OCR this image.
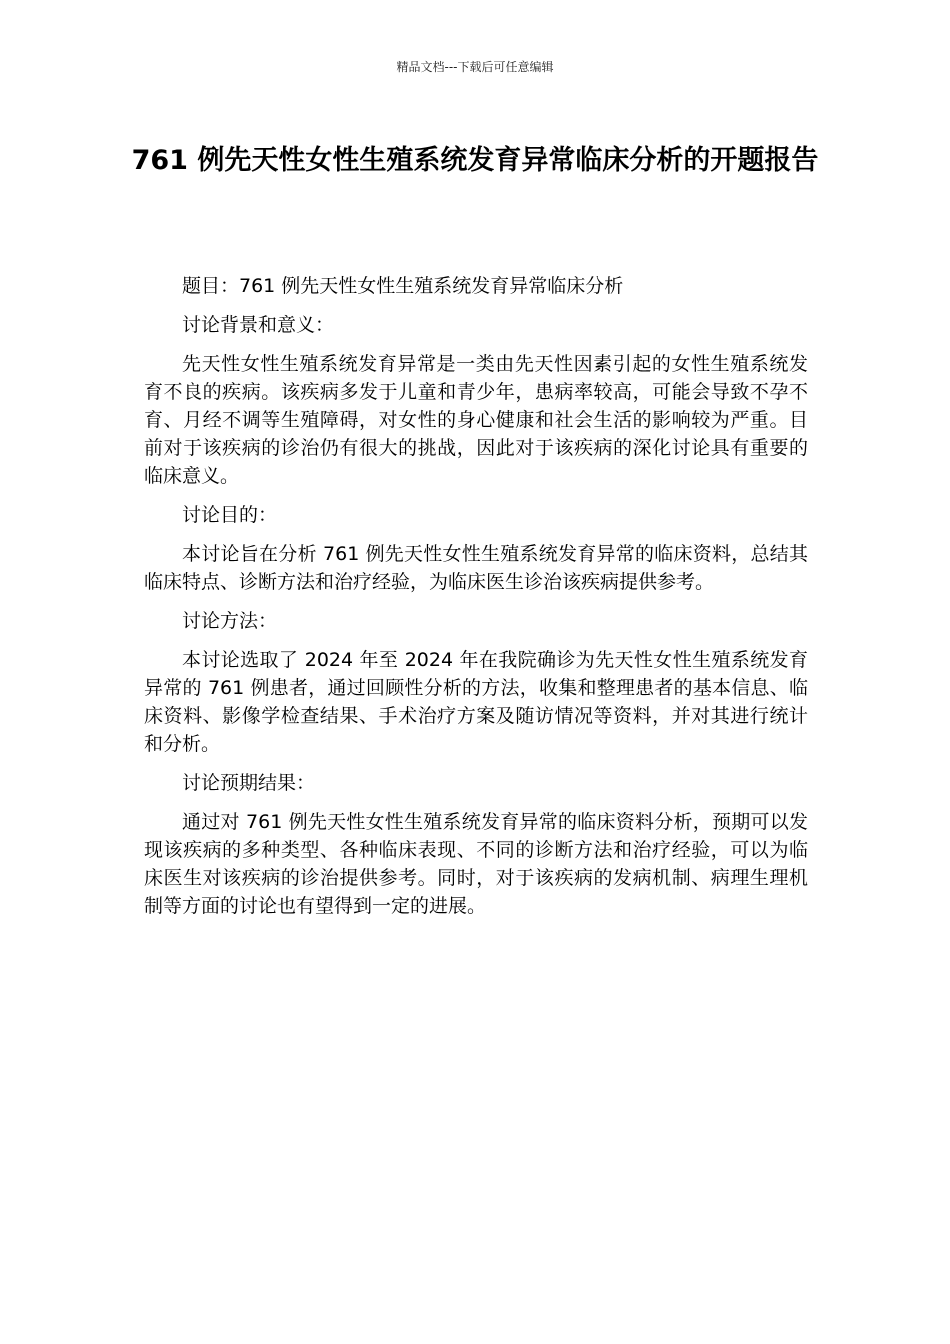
精品文档---下载后可任意编辑
761 例先天性女性生殖系统发育异常临床分析的开题报告

题目：761 例先天性女性生殖系统发育异常临床分析

讨论背景和意义：

先天性女性生殖系统发育异常是一类由先天性因素引起的女性生殖系统发育不良的疾病。该疾病多发于儿童和青少年，患病率较高，可能会导致不孕不育、月经不调等生殖障碍，对女性的身心健康和社会生活的影响较为严重。目前对于该疾病的诊治仍有很大的挑战，因此对于该疾病的深化讨论具有重要的临床意义。

讨论目的：

本讨论旨在分析 761 例先天性女性生殖系统发育异常的临床资料，总结其临床特点、诊断方法和治疗经验，为临床医生诊治该疾病提供参考。

讨论方法：

本讨论选取了 2024 年至 2024 年在我院确诊为先天性女性生殖系统发育异常的 761 例患者，通过回顾性分析的方法，收集和整理患者的基本信息、临床资料、影像学检查结果、手术治疗方案及随访情况等资料，并对其进行统计和分析。

讨论预期结果：

通过对 761 例先天性女性生殖系统发育异常的临床资料分析，预期可以发现该疾病的多种类型、各种临床表现、不同的诊断方法和治疗经验，可以为临床医生对该疾病的诊治提供参考。同时，对于该疾病的发病机制、病理生理机制等方面的讨论也有望得到一定的进展。
